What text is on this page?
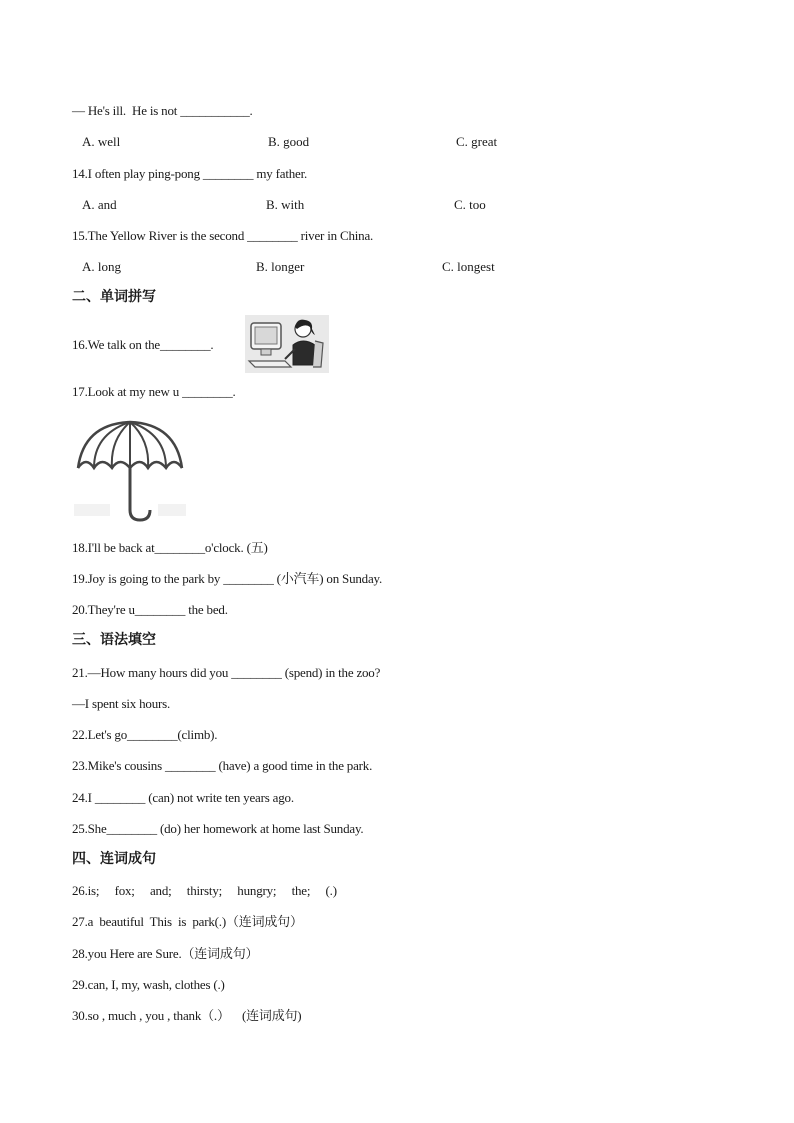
— He's ill.  He is not ___________.
A. well	B. good	C. great
14.I often play ping-pong ________ my father.
A. and	B. with	C. too
15.The Yellow River is the second ________ river in China.
A. long	B. longer	C. longest
二、单词拼写
16.We talk on the________.
17.Look at my new u ________.
18.I'll be back at________o'clock. (五)
19.Joy is going to the park by ________ (小汽车) on Sunday.
20.They're u________ the bed.
三、语法填空
21.—How many hours did you ________ (spend) in the zoo?
—I spent six hours.
22.Let's go________(climb).
23.Mike's cousins ________ (have) a good time in the park.
24.I ________ (can) not write ten years ago.
25.She________ (do) her homework at home last Sunday.
四、连词成句
26.is;     fox;     and;     thirsty;     hungry;     the;     (.)
27.a  beautiful  This  is  park(.)（连词成句）
28.you Here are Sure.（连词成句）
29.can, I, my, wash, clothes (.)
30.so , much , you , thank（.）    (连词成句)
